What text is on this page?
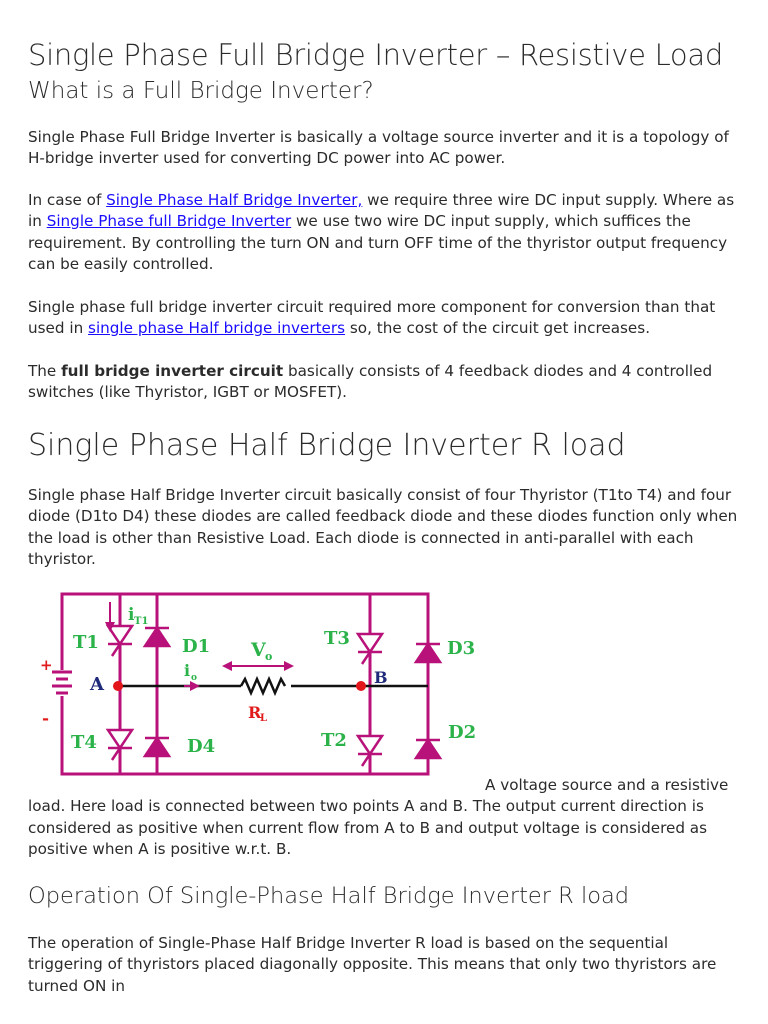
Single Phase Full Bridge Inverter – Resistive Load
What is a Full Bridge Inverter?

Single Phase Full Bridge Inverter is basically a voltage source inverter and it is a topology of H-bridge inverter used for converting DC power into AC power.

In case of Single Phase Half Bridge Inverter, we require three wire DC input supply. Where as in Single Phase full Bridge Inverter we use two wire DC input supply, which suffices the requirement. By controlling the turn ON and turn OFF time of the thyristor output frequency can be easily controlled.

Single phase full bridge inverter circuit required more component for conversion than that used in single phase Half bridge inverters so, the cost of the circuit get increases.

The full bridge inverter circuit basically consists of 4 feedback diodes and 4 controlled switches (like Thyristor, IGBT or MOSFET).

Single Phase Half Bridge Inverter R load

Single phase Half Bridge Inverter circuit basically consist of four Thyristor (T1to T4) and four diode (D1to D4) these diodes are called feedback diode and these diodes function only when the load is other than Resistive Load. Each diode is connected in anti-parallel with each thyristor.

A voltage source and a resistive load. Here load is connected between two points A and B. The output current direction is considered as positive when current flow from A to B and output voltage is considered as positive when A is positive w.r.t. B.

Operation Of Single-Phase Half Bridge Inverter R load

The operation of Single-Phase Half Bridge Inverter R load is based on the sequential triggering of thyristors placed diagonally opposite. This means that only two thyristors are turned ON in

+
-
T1
T4
T3
T2
D1
D4
D3
D2
A	B
i T1
i o
V o
R
L
